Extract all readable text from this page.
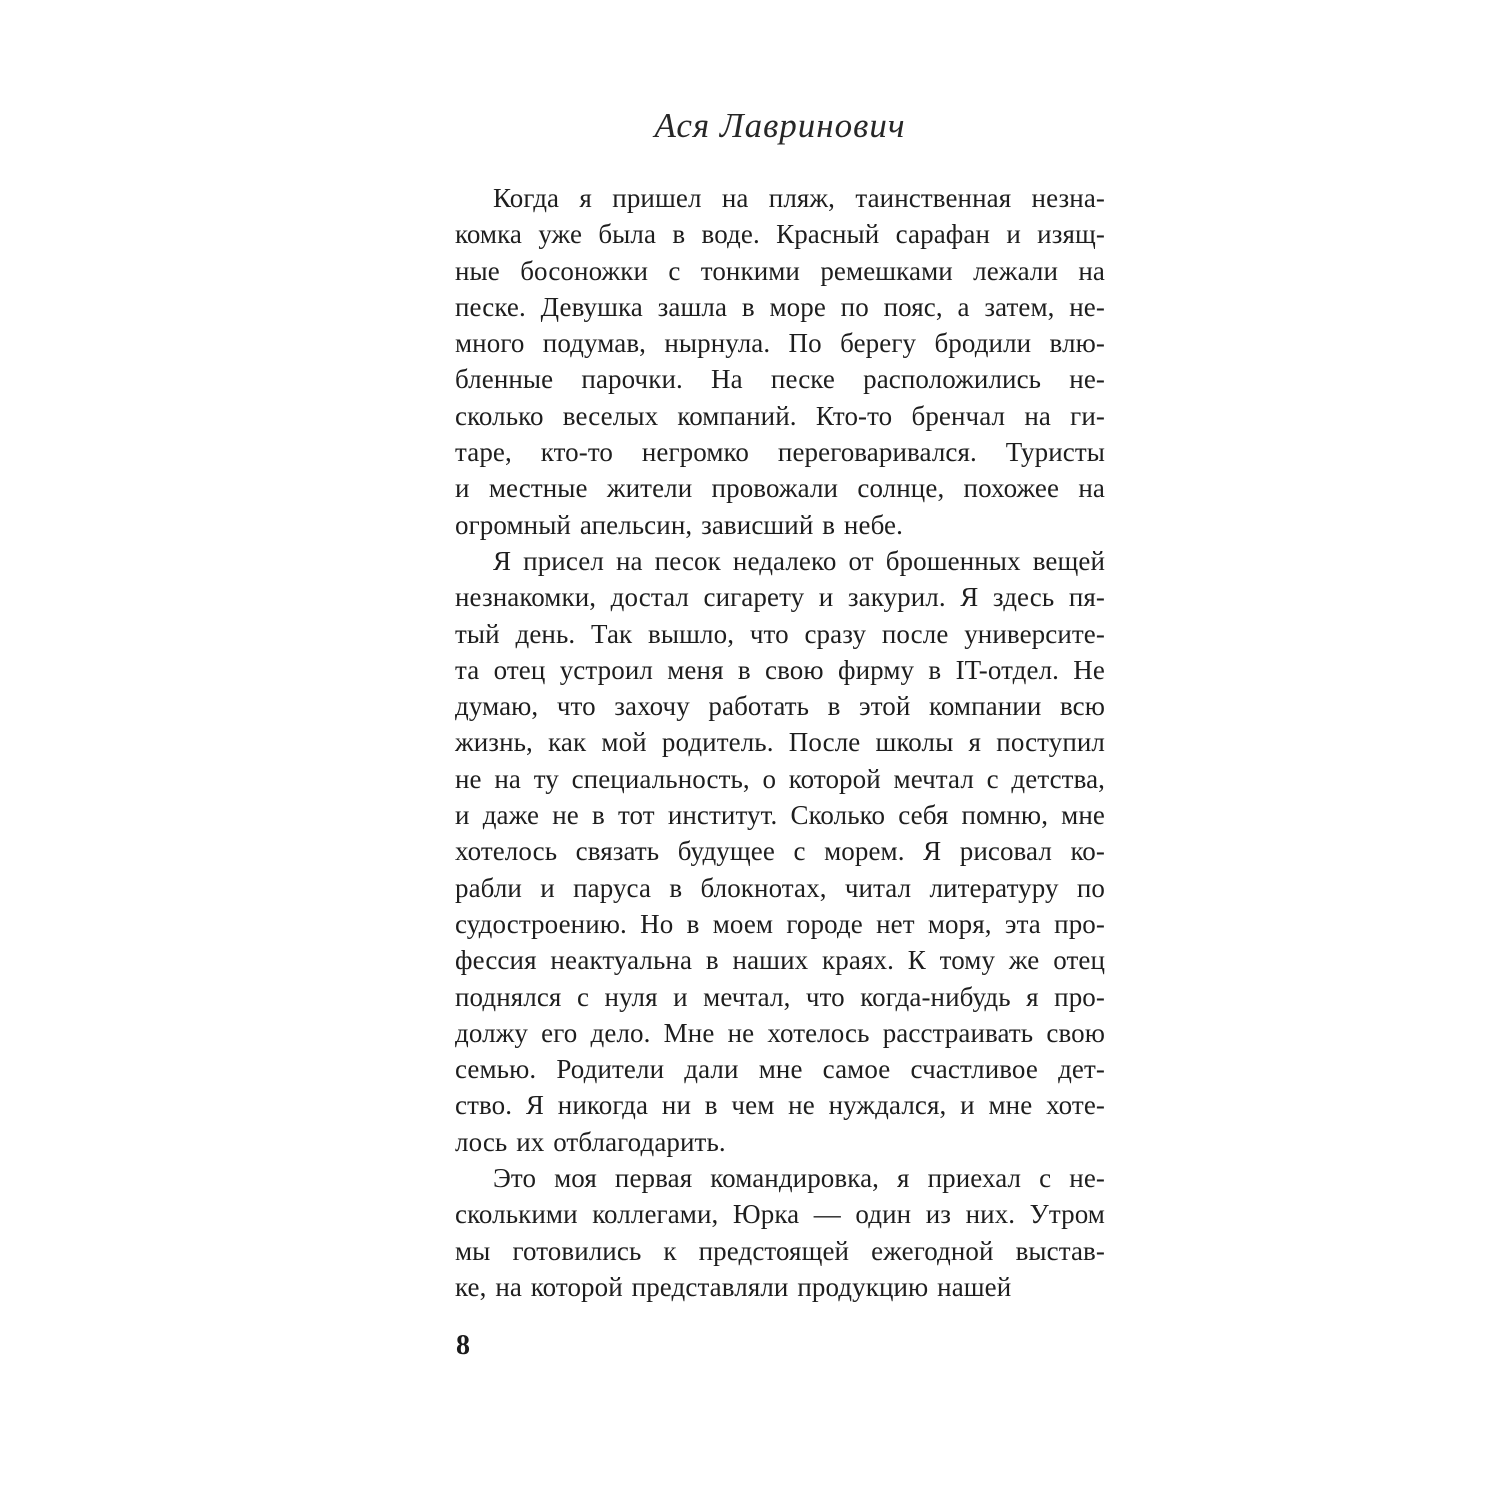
Ася Лавринович
Когда я пришел на пляж, таинственная незна-
комка уже была в воде. Красный сарафан и изящ-
ные босоножки с тонкими ремешками лежали на
песке. Девушка зашла в море по пояс, а затем, не-
много подумав, нырнула. По берегу бродили влю-
бленные парочки. На песке расположились не-
сколько веселых компаний. Кто-то бренчал на ги-
таре, кто-то негромко переговаривался. Туристы
и местные жители провожали солнце, похожее на
огромный апельсин, зависший в небе.
Я присел на песок недалеко от брошенных вещей
незнакомки, достал сигарету и закурил. Я здесь пя-
тый день. Так вышло, что сразу после университе-
та отец устроил меня в свою фирму в IT-отдел. Не
думаю, что захочу работать в этой компании всю
жизнь, как мой родитель. После школы я поступил
не на ту специальность, о которой мечтал с детства,
и даже не в тот институт. Сколько себя помню, мне
хотелось связать будущее с морем. Я рисовал ко-
рабли и паруса в блокнотах, читал литературу по
судостроению. Но в моем городе нет моря, эта про-
фессия неактуальна в наших краях. К тому же отец
поднялся с нуля и мечтал, что когда-нибудь я про-
должу его дело. Мне не хотелось расстраивать свою
семью. Родители дали мне самое счастливое дет-
ство. Я никогда ни в чем не нуждался, и мне хоте-
лось их отблагодарить.
Это моя первая командировка, я приехал с не-
сколькими коллегами, Юрка — один из них. Утром
мы готовились к предстоящей ежегодной выстав-
ке, на которой представляли продукцию нашей
8
